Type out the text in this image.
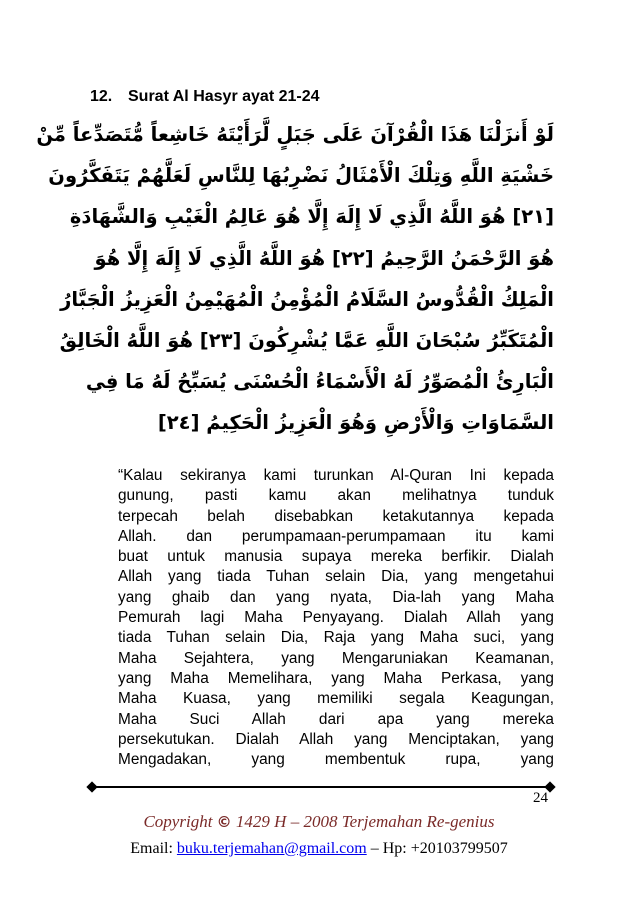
12. Surat Al Hasyr ayat 21-24
لَوْ أَنزَلْنَا هَذَا الْقُرْآنَ عَلَى جَبَلٍ لَّرَأَيْتَهُ خَاشِعاً مُّتَصَدِّعاً مِّنْ
خَشْيَةِ اللَّهِ وَتِلْكَ الْأَمْثَالُ نَضْرِبُهَا لِلنَّاسِ لَعَلَّهُمْ يَتَفَكَّرُونَ
[٢١] هُوَ اللَّهُ الَّذِي لَا إِلَهَ إِلَّا هُوَ عَالِمُ الْغَيْبِ وَالشَّهَادَةِ
هُوَ الرَّحْمَنُ الرَّحِيمُ [٢٢] هُوَ اللَّهُ الَّذِي لَا إِلَهَ إِلَّا هُوَ
الْمَلِكُ الْقُدُّوسُ السَّلَامُ الْمُؤْمِنُ الْمُهَيْمِنُ الْعَزِيزُ الْجَبَّارُ
الْمُتَكَبِّرُ سُبْحَانَ اللَّهِ عَمَّا يُشْرِكُونَ [٢٣] هُوَ اللَّهُ الْخَالِقُ
الْبَارِئُ الْمُصَوِّرُ لَهُ الْأَسْمَاءُ الْحُسْنَى يُسَبِّحُ لَهُ مَا فِي
السَّمَاوَاتِ وَالْأَرْضِ وَهُوَ الْعَزِيزُ الْحَكِيمُ [٢٤]
“Kalau sekiranya kami turunkan Al-Quran Ini kepada
gunung, pasti kamu akan melihatnya tunduk
terpecah belah disebabkan ketakutannya kepada
Allah. dan perumpamaan-perumpamaan itu kami
buat untuk manusia supaya mereka berfikir. Dialah
Allah yang tiada Tuhan selain Dia, yang mengetahui
yang ghaib dan yang nyata, Dia-lah yang Maha
Pemurah lagi Maha Penyayang. Dialah Allah yang
tiada Tuhan selain Dia, Raja yang Maha suci, yang
Maha Sejahtera, yang Mengaruniakan Keamanan,
yang Maha Memelihara, yang Maha Perkasa, yang
Maha Kuasa, yang memiliki segala Keagungan,
Maha Suci Allah dari apa yang mereka
persekutukan. Dialah Allah yang Menciptakan, yang
Mengadakan, yang membentuk rupa, yang
24
Copyright © 1429 H – 2008 Terjemahan Re-genius
Email: buku.terjemahan@gmail.com – Hp: +20103799507
